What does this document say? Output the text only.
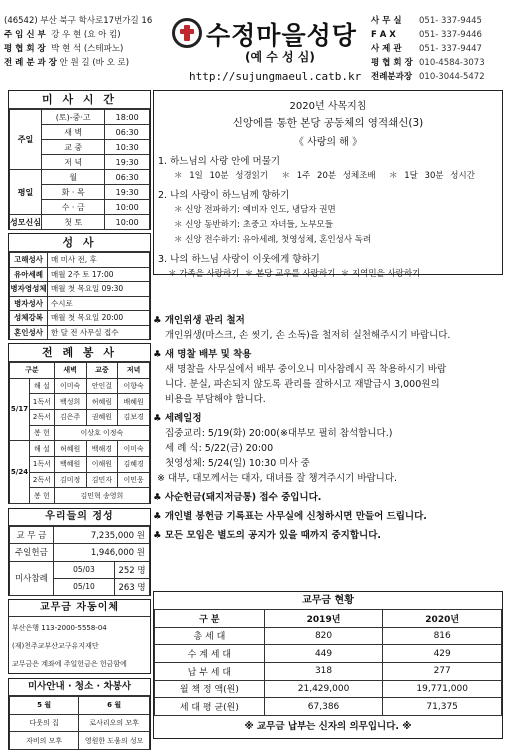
(46542) 부산 북구 학사로17번가길 16
주 임 신 부 강 우 현 (요 아 킴)
평 협 회 장 박 현 석 (스테파노)
전 례 분 과 장 안 원 길 (바 오 로)
수정마을성당
(예 수 성 심)
http://sujungmaeul.catb.kr
사 무 실 051- 337-9445
F A X	051- 337-9446
사 제 관 051- 337-9447
평 협 회 장 010-4584-3073
전례분과장 010-3044-5472
미 사 시 간
주일	(토)-중·고	18:00
	새 벽	06:30
	교 중	10:30
	저 녁	19:30
평일	월	06:30
	화 · 목	19:30
	수 · 금	10:00
성모신심	첫 토	10:00
성 사
고해성사	매 미사 전, 후
유아세례	매월 2주 토 17:00
병자영성체	매월 첫 목요일 09:30
병자성사	수시로
성체강복	매월 첫 목요일 20:00
혼인성사	한 달 전 사무실 접수
전 례 봉 사
구분		새벽	교중	저녁
5/17	해 설	이미숙	안인걸	이향숙
	1독서	백성희	허혜림	배혜원
	2독서	김은주	권혜원	김보경
	봉 헌	이상호 이정숙		
5/24	해 설	허혜원	백해경	이미숙
	1독서	백혜원	이해원	김혜경
	2독서	김미정	김민자	이민웅
	봉 헌	김민혁 송영희		
우리들의 정성
교 무 금	7,235,000 원	
주일헌금	1,946,000 원	
미사참례	05/03	252 명
	05/10	263 명
교무금 자동이체
부산은행 113-2000-5558-04
(재)천주교부산교구유지재단
교무금은 계좌에 주일헌금은 헌금함에
미사안내 · 청소 · 차봉사
5 월	6 월
다웃의 집	로사리오의 모후
자비의 모후	영원한 도움의 성모
2020년 사목지침
신앙에를 통한 본당 공동체의 영적쇄신(3)
《 사랑의 해 》
1. 하느님의 사랑 안에 머물기
＊ 1일 10분 성경읽기 ＊ 1주 20분 성체조배 ＊ 1달 30분 성시간
2. 나의 사랑이 하느님께 향하기
＊ 신앙 전파하기: 예비자 인도, 냉담자 권면
＊ 신앙 동반하기: 초중고 자녀들, 노부모들
＊ 신앙 전수하기: 유아세례, 첫영성체, 혼인성사 독려
3. 나의 하느님 사랑이 이웃에게 향하기
＊ 가족을 사랑하기 ＊ 본당 교우를 사랑하기 ＊ 지역민을 사랑하기
♣ 개인위생 관리 철저
개인위생(마스크, 손 씻기, 손 소독)을 철저히 실천해주시기 바랍니다.
♣ 새 명찰 배부 및 착용
새 명찰을 사무실에서 배부 중이오니 미사참례시 꼭 착용하시기 바랍
니다. 분실, 파손되지 않도록 관리를 잘하시고 재발급시 3,000원의
비용을 부담해야 합니다.
♣ 세례일정
집중교리: 5/19(화) 20:00(※대부모 필히 참석합니다.)
세 례 식: 5/22(금) 20:00
첫영성체: 5/24(일) 10:30 미사 중
※ 대부, 대모께서는 대자, 대녀를 잘 챙겨주시기 바랍니다.
♣ 사순헌금(돼지저금통) 접수 중입니다.
♣ 개인별 봉헌금 기록표는 사무실에 신청하시면 만들어 드립니다.
♣ 모든 모임은 별도의 공지가 있을 때까지 중지합니다.
교무금 현황
구 분	2019년	2020년
총 세 대	820	816
수 계 세 대	449	429
납 부 세 대	318	277
월 책 정 액(원)	21,429,000	19,771,000
세 대 평 균(원)	67,386	71,375
※ 교무금 납부는 신자의 의무입니다. ※
